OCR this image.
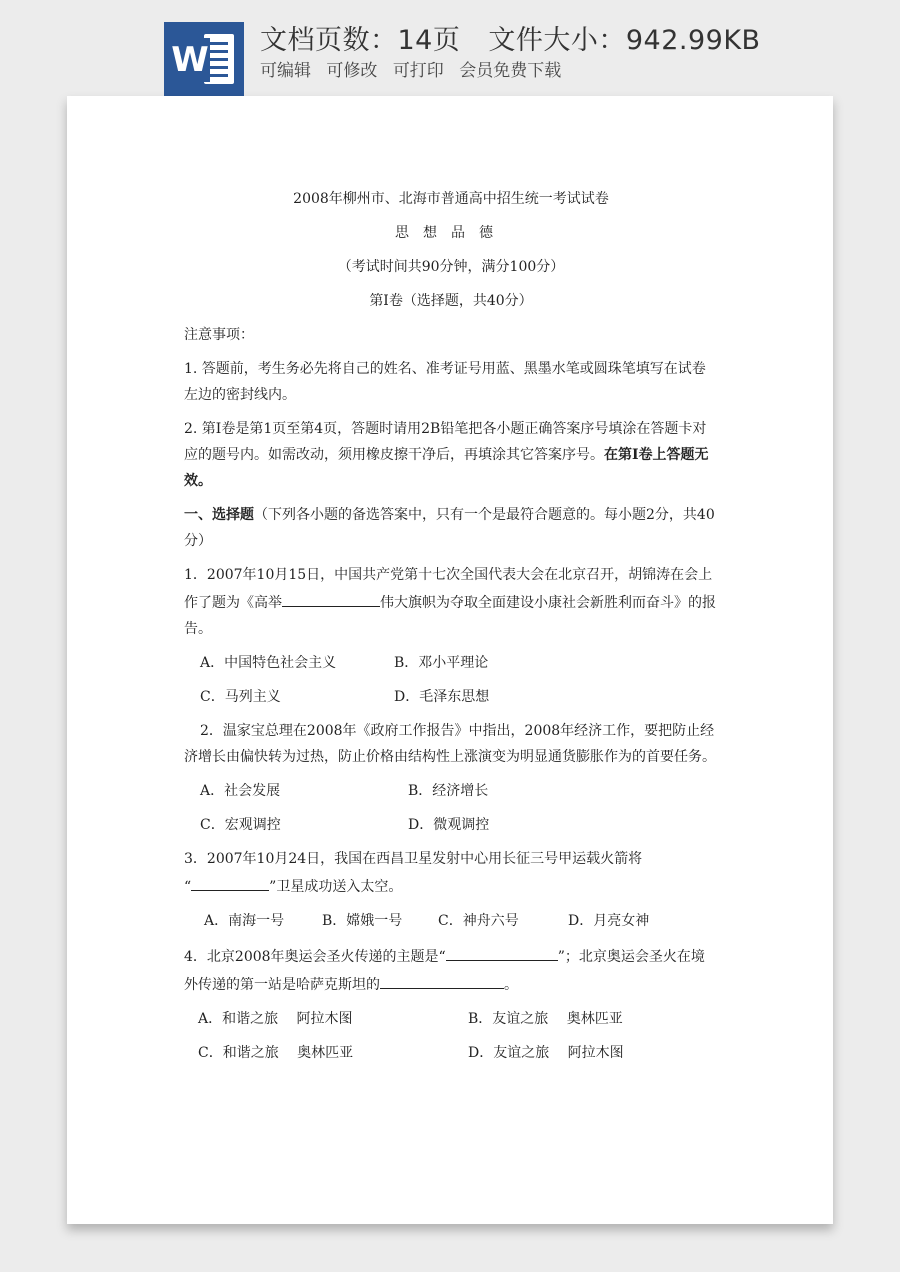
W 文档页数：14页 文件大小：942.99KB
可编辑 可修改 可打印 会员免费下载

2008年柳州市、北海市普通高中招生统一考试试卷

思想品德

（考试时间共90分钟，满分100分）

第Ⅰ卷（选择题，共40分）

注意事项：

1. 答题前，考生务必先将自己的姓名、准考证号用蓝、黑墨水笔或圆珠笔填写在试卷左边的密封线内。

2. 第Ⅰ卷是第1页至第4页，答题时请用2B铅笔把各小题正确答案序号填涂在答题卡对应的题号内。如需改动，须用橡皮擦干净后，再填涂其它答案序号。在第Ⅰ卷上答题无效。

一、选择题（下列各小题的备选答案中，只有一个是最符合题意的。每小题2分，共40分）

1．2007年10月15日，中国共产党第十七次全国代表大会在北京召开，胡锦涛在会上作了题为《高举	伟大旗帜为夺取全面建设小康社会新胜利而奋斗》的报告。

A．中国特色社会主义	B．邓小平理论
C．马列主义	D．毛泽东思想

2．温家宝总理在2008年《政府工作报告》中指出，2008年经济工作，要把防止经济增长由偏快转为过热，防止价格由结构性上涨演变为明显通货膨胀作为的首要任务。

A．社会发展	B．经济增长
C．宏观调控	D．微观调控

3．2007年10月24日，我国在西昌卫星发射中心用长征三号甲运载火箭将
“	”卫星成功送入太空。

A．南海一号	B．嫦娥一号	C．神舟六号	D．月亮女神

4．北京2008年奥运会圣火传递的主题是“	”；北京奥运会圣火在境外传递的第一站是哈萨克斯坦的	。

A．和谐之旅　 阿拉木图	B．友谊之旅　 奥林匹亚
C．和谐之旅　 奥林匹亚	D．友谊之旅　 阿拉木图
